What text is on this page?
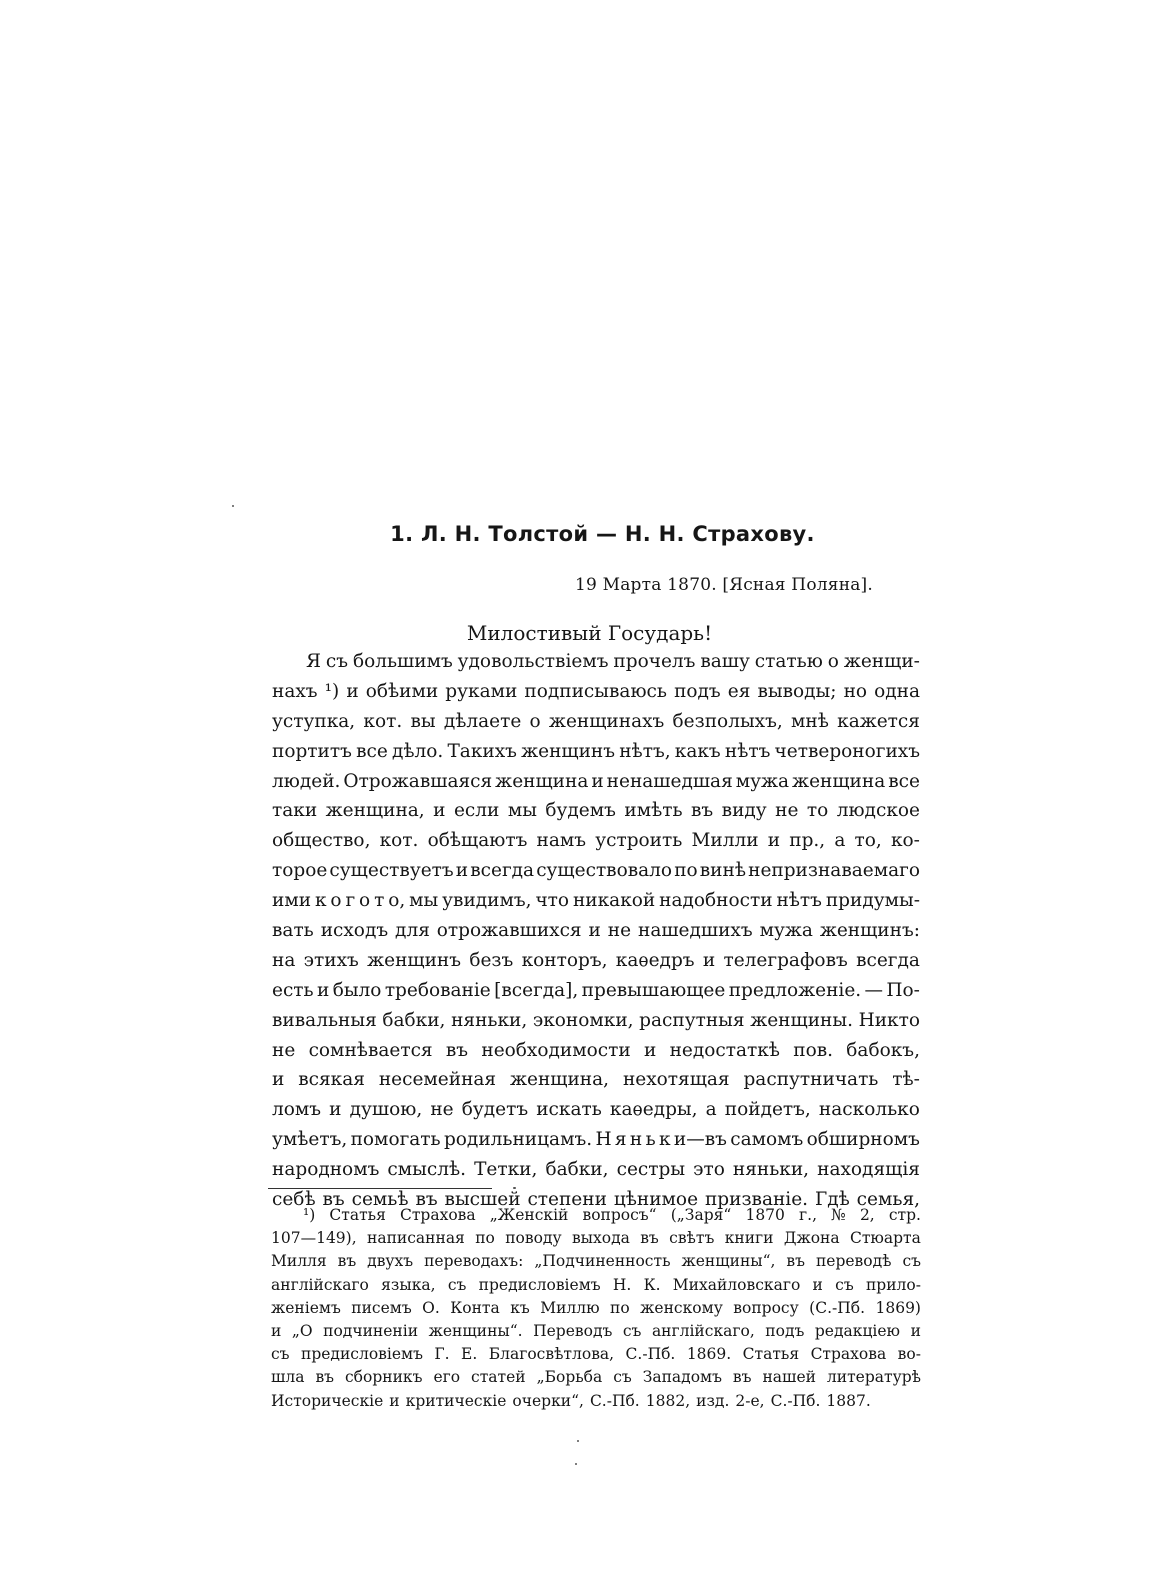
1. Л. Н. Толстой — Н. Н. Страхову.
19 Марта 1870. [Ясная Поляна].
Милостивый Государь!
Я съ большимъ удовольствіемъ прочелъ вашу статью о женщи-
нахъ ¹) и обѣими руками подписываюсь подъ ея выводы; но одна
уступка, кот. вы дѣлаете о женщинахъ безполыхъ, мнѣ кажется
портитъ все дѣло. Такихъ женщинъ нѣтъ, какъ нѣтъ четвероногихъ
людей. Отрожавшаяся женщина и ненашедшая мужа женщина все
таки женщина, и если мы будемъ имѣть въ виду не то людское
общество, кот. обѣщаютъ намъ устроить Милли и пр., а то, ко-
торое существуетъ и всегда существовало по винѣ непризнаваемаго
ими к о г о т о, мы увидимъ, что никакой надобности нѣтъ придумы-
вать исходъ для отрожавшихся и не нашедшихъ мужа женщинъ:
на этихъ женщинъ безъ конторъ, каѳедръ и телеграфовъ всегда
есть и было требованіе [всегда], превышающее предложеніе. — По-
вивальныя бабки, няньки, экономки, распутныя женщины. Никто
не сомнѣвается въ необходимости и недостаткѣ пов. бабокъ,
и всякая несемейная женщина, нехотящая распутничать тѣ-
ломъ и душою, не будетъ искать каѳедры, а пойдетъ, насколько
умѣетъ, помогать родильницамъ. Н я н ь к и—въ самомъ обширномъ
народномъ смыслѣ. Тетки, бабки, сестры это няньки, находящія
себѣ въ семьѣ въ высшей степени цѣнимое призваніе. Гдѣ семья,
¹) Статья Страхова „Женскій вопросъ“ („Заря“ 1870 г., № 2, стр.
107—149), написанная по поводу выхода въ свѣтъ книги Джона Стюарта
Милля въ двухъ переводахъ: „Подчиненность женщины“, въ переводѣ съ
англійскаго языка, съ предисловіемъ Н. К. Михайловскаго и съ прило-
женіемъ писемъ О. Конта къ Миллю по женскому вопросу (С.-Пб. 1869)
и „О подчиненіи женщины“. Переводъ съ англійскаго, подъ редакціею и
съ предисловіемъ Г. Е. Благосвѣтлова, С.-Пб. 1869. Статья Страхова во-
шла въ сборникъ его статей „Борьба съ Западомъ въ нашей литературѣ
Историческіе и критическіе очерки“, С.-Пб. 1882, изд. 2-е, С.-Пб. 1887.
